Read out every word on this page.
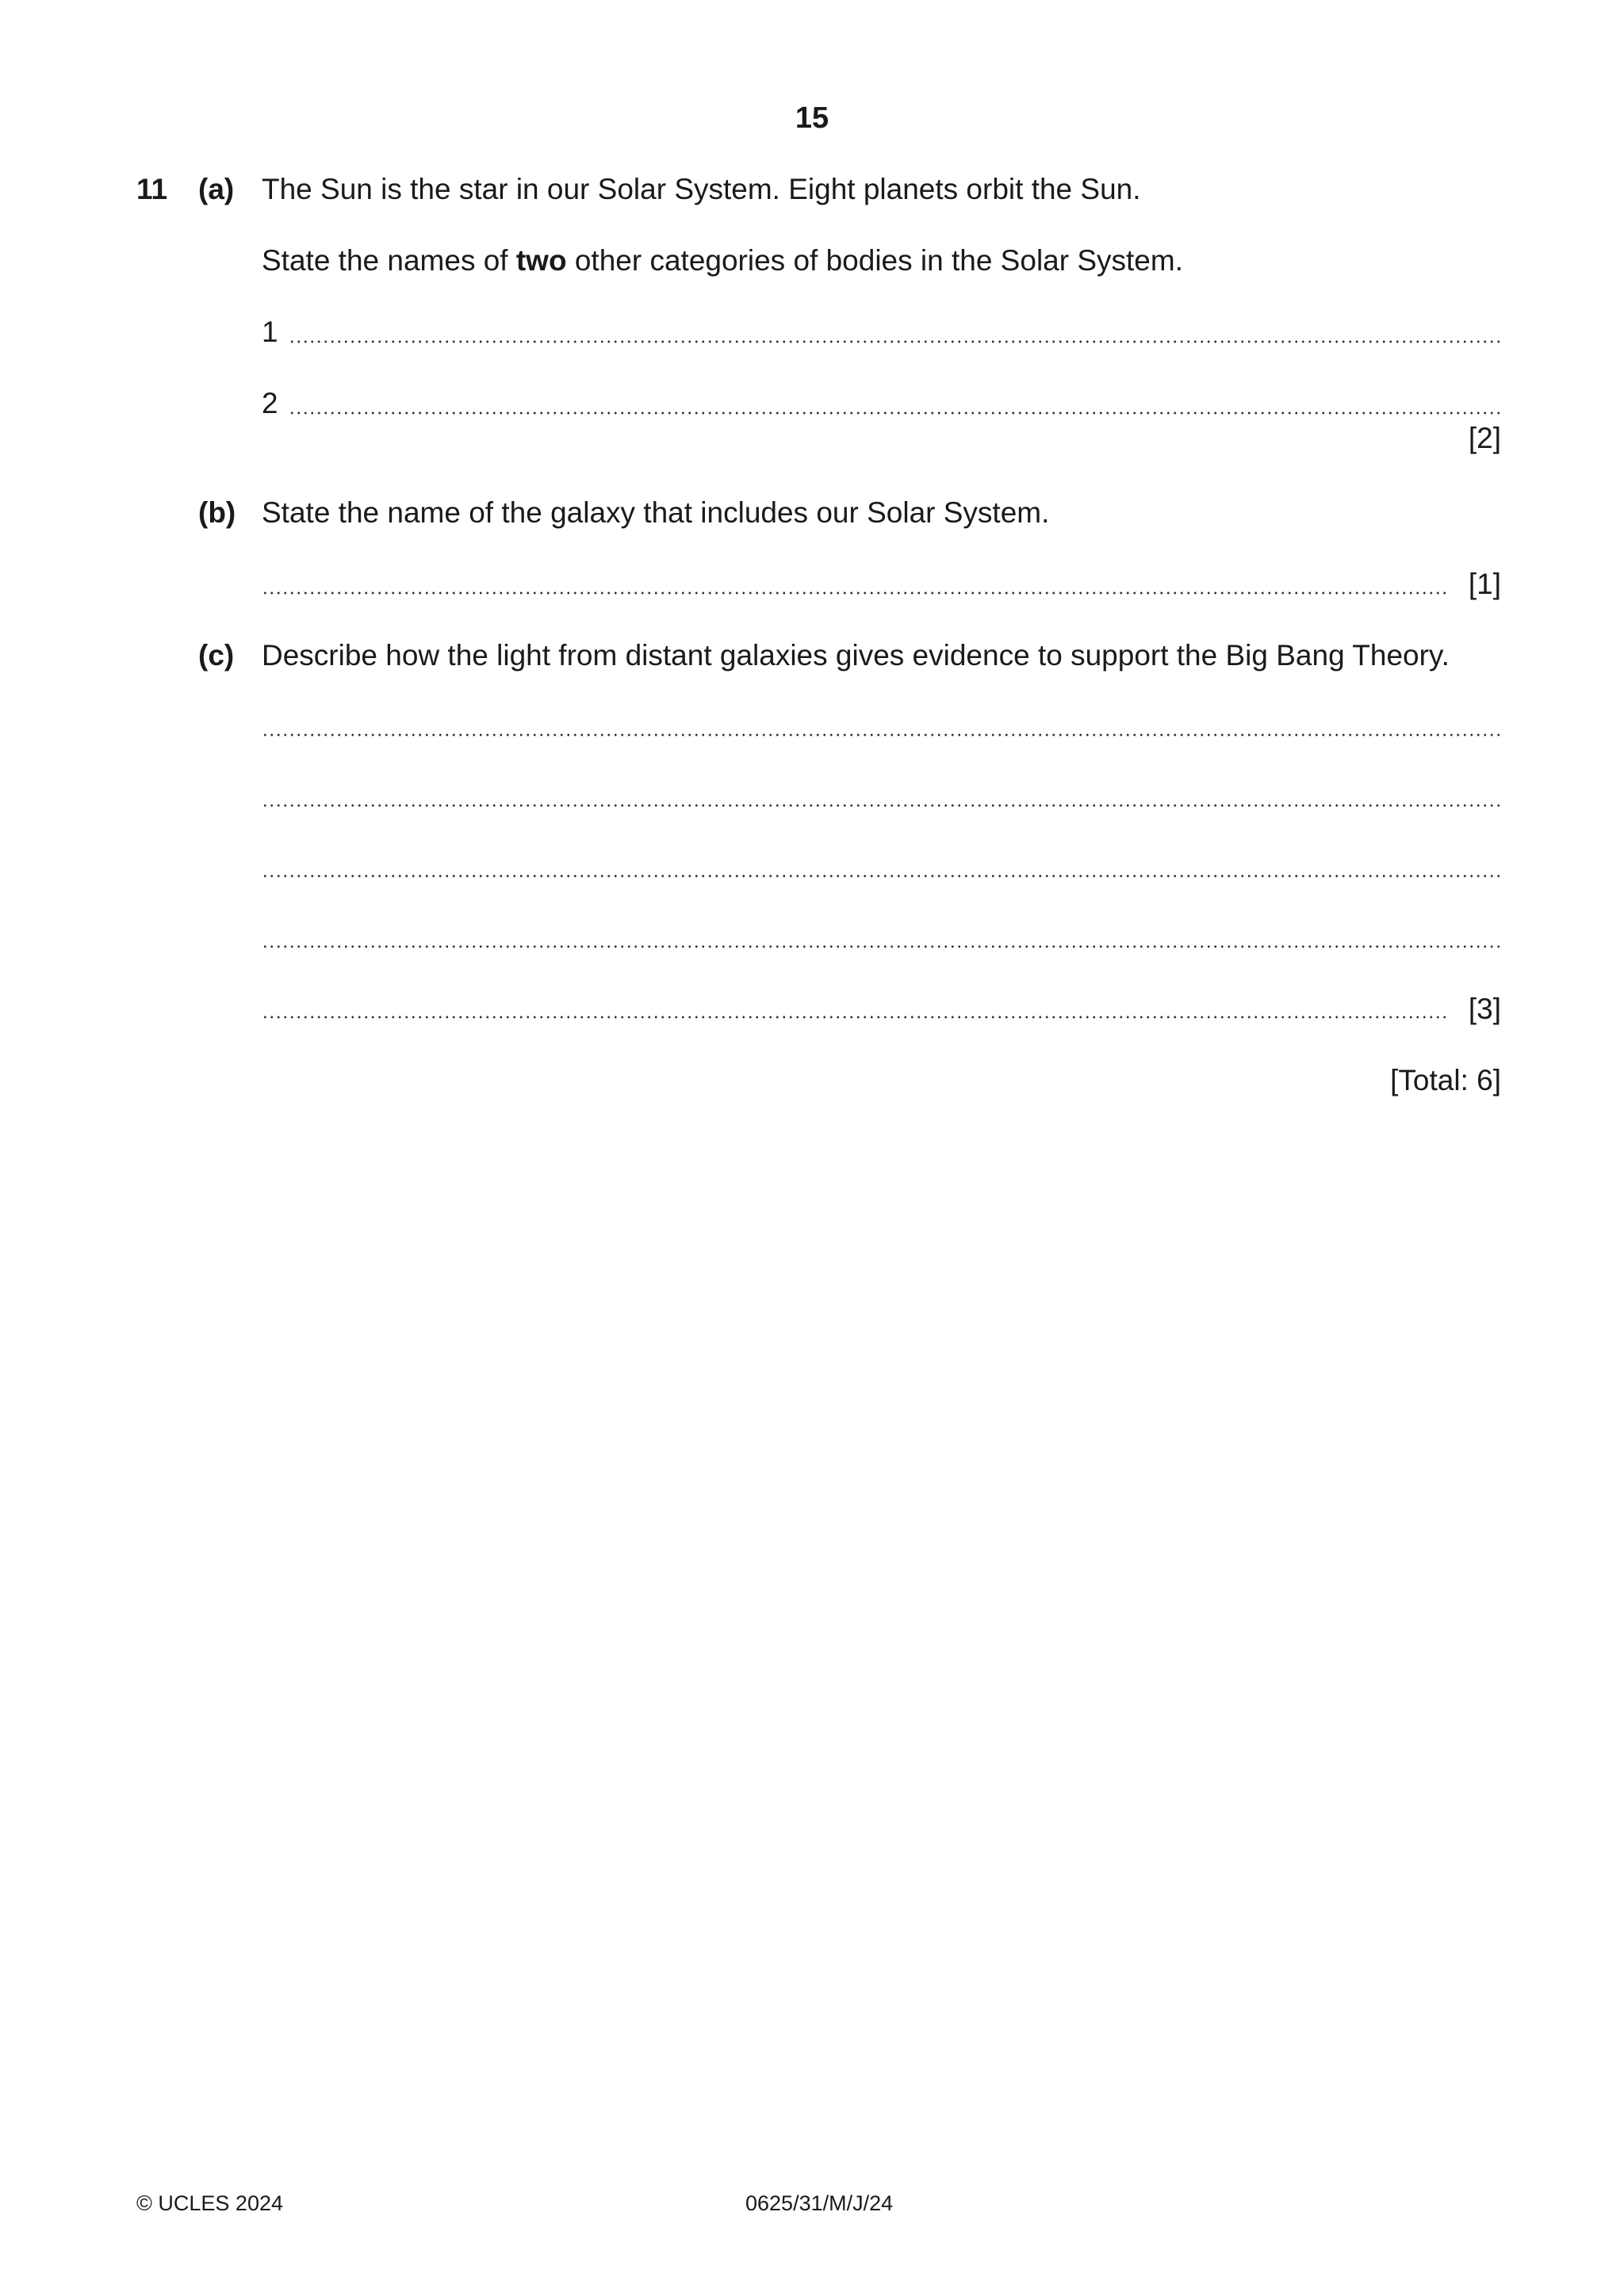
15
11 (a) The Sun is the star in our Solar System. Eight planets orbit the Sun.
State the names of two other categories of bodies in the Solar System.
1
2
[2]
(b) State the name of the galaxy that includes our Solar System.
[1]
(c) Describe how the light from distant galaxies gives evidence to support the Big Bang Theory.
[3]
[Total: 6]
© UCLES 2024	0625/31/M/J/24
